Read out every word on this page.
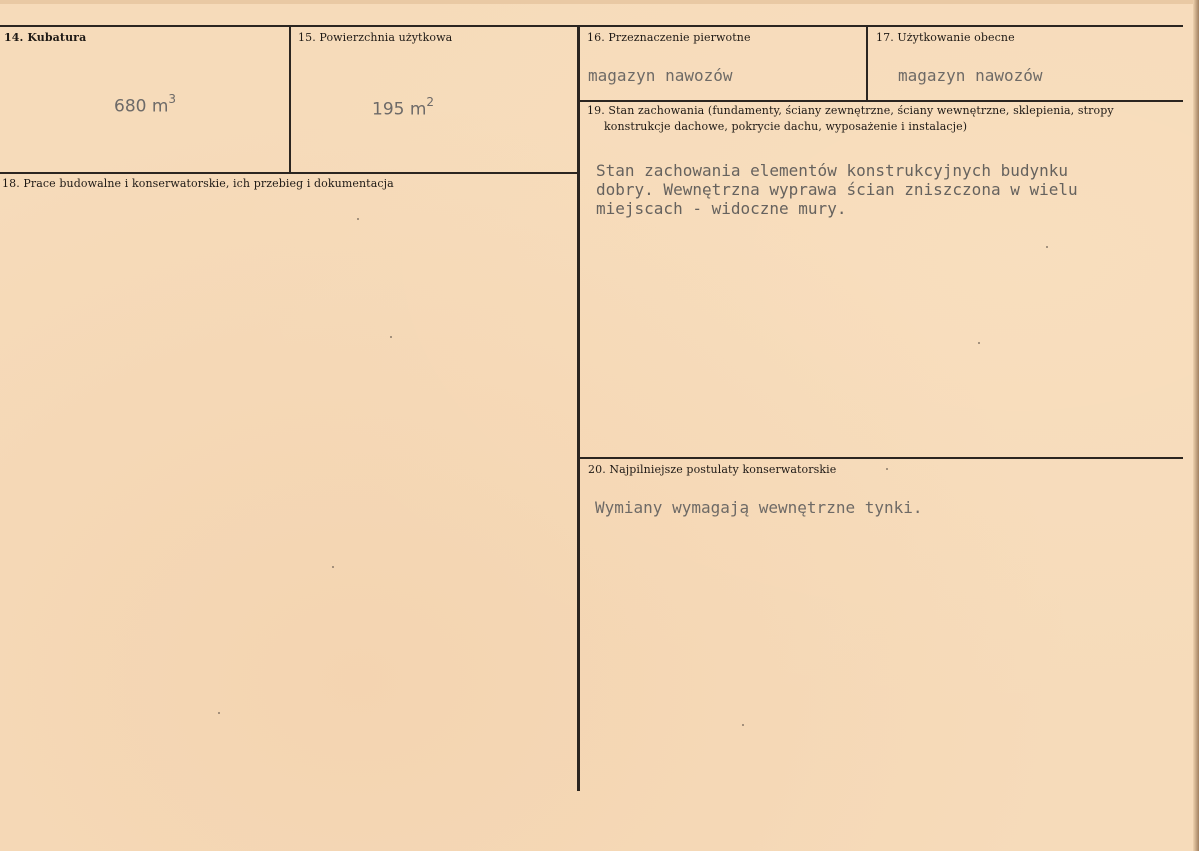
14. Kubatura
680 $m^3$
15. Powierzchnia użytkowa
195 $m^2$
16. Przeznaczenie pierwotne
magazyn nawozów
17. Użytkowanie obecne
magazyn nawozów
18. Prace budowalne i konserwatorskie, ich przebieg i dokumentacja
19. Stan zachowania (fundamenty, ściany zewnętrzne, ściany wewnętrzne, sklepienia, stropy
konstrukcje dachowe, pokrycie dachu, wyposażenie i instalacje)
Stan zachowania elementów konstrukcyjnych budynku
dobry. Wewnętrzna wyprawa ścian zniszczona w wielu
miejscach - widoczne mury.
20. Najpilniejsze postulaty konserwatorskie
Wymiany wymagają wewnętrzne tynki.
